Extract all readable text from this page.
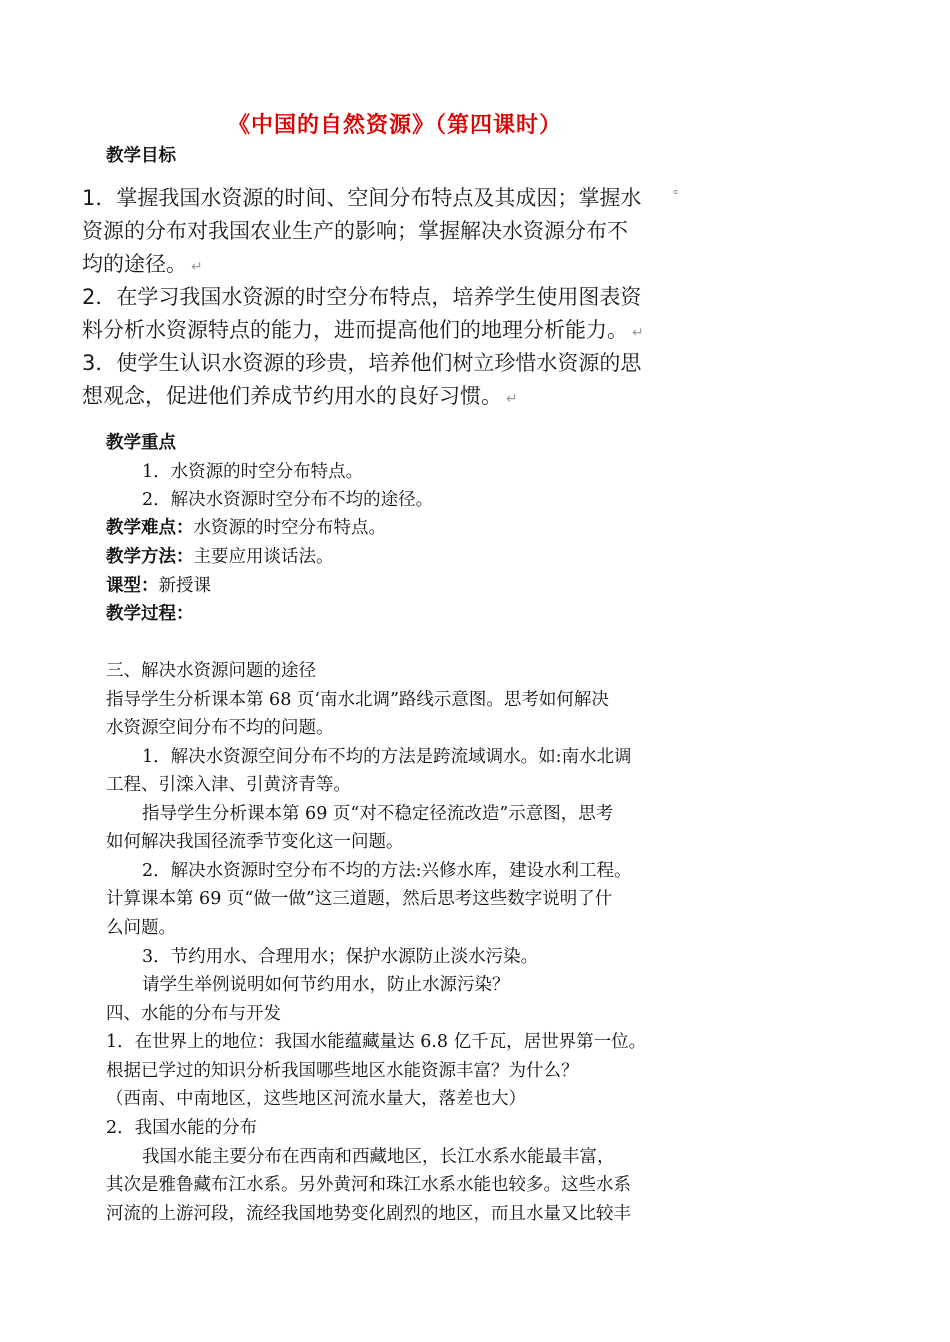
《中国的自然资源》（第四课时）
教学目标
。
1．掌握我国水资源的时间、空间分布特点及其成因；掌握水
资源的分布对我国农业生产的影响；掌握解决水资源分布不
均的途径。 ↵
2．在学习我国水资源的时空分布特点，培养学生使用图表资
料分析水资源特点的能力，进而提高他们的地理分析能力。 ↵
3．使学生认识水资源的珍贵，培养他们树立珍惜水资源的思
想观念，促进他们养成节约用水的良好习惯。 ↵
教学重点
1．水资源的时空分布特点。
2．解决水资源时空分布不均的途径。
教学难点：水资源的时空分布特点。
教学方法：主要应用谈话法。
课型：新授课
教学过程：
三、解决水资源问题的途径
指导学生分析课本第 68 页‘南水北调”路线示意图。思考如何解决
水资源空间分布不均的问题。
1．解决水资源空间分布不均的方法是跨流域调水。如:南水北调
工程、引滦入津、引黄济青等。
指导学生分析课本第 69 页“对不稳定径流改造”示意图，思考
如何解决我国径流季节变化这一问题。
2．解决水资源时空分布不均的方法:兴修水库，建设水利工程。
计算课本第 69 页“做一做”这三道题，然后思考这些数字说明了什
么问题。
3．节约用水、合理用水；保护水源防止淡水污染。
请学生举例说明如何节约用水，防止水源污染？
四、水能的分布与开发
1．在世界上的地位：我国水能蕴藏量达 6.8 亿千瓦，居世界第一位。
根据已学过的知识分析我国哪些地区水能资源丰富？为什么？
（西南、中南地区，这些地区河流水量大，落差也大）
2．我国水能的分布
我国水能主要分布在西南和西藏地区，长江水系水能最丰富，
其次是雅鲁藏布江水系。另外黄河和珠江水系水能也较多。这些水系
河流的上游河段，流经我国地势变化剧烈的地区，而且水量又比较丰
